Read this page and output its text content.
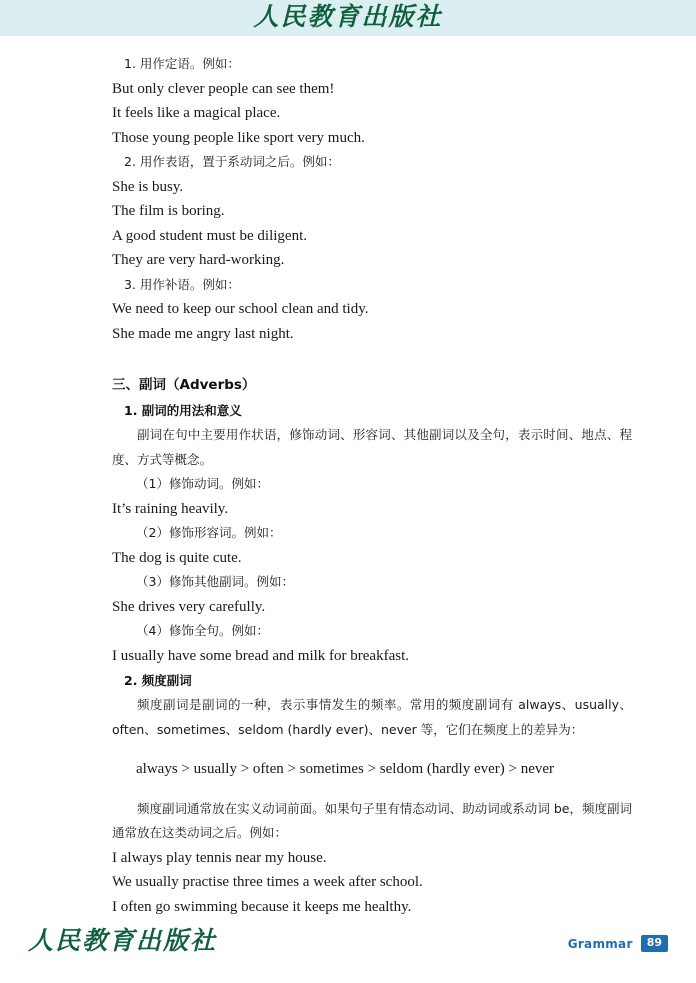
人民教育出版社

1. 用作定语。例如：

But only clever people can see them!

It feels like a magical place.

Those young people like sport very much.

2. 用作表语，置于系动词之后。例如：

She is busy.

The film is boring.

A good student must be diligent.

They are very hard-working.

3. 用作补语。例如：

We need to keep our school clean and tidy.

She made me angry last night.

三、副词（Adverbs）

1. 副词的用法和意义

副词在句中主要用作状语，修饰动词、形容词、其他副词以及全句，表示时间、地点、程度、方式等概念。

（1）修饰动词。例如：

It’s raining heavily.

（2）修饰形容词。例如：

The dog is quite cute.

（3）修饰其他副词。例如：

She drives very carefully.

（4）修饰全句。例如：

I usually have some bread and milk for breakfast.

2. 频度副词

频度副词是副词的一种，表示事情发生的频率。常用的频度副词有 always、usually、often、sometimes、seldom (hardly ever)、never 等，它们在频度上的差异为：

always > usually > often > sometimes > seldom (hardly ever) > never

频度副词通常放在实义动词前面。如果句子里有情态动词、助动词或系动词 be，频度副词通常放在这类动词之后。例如：

I always play tennis near my house.

We usually practise three times a week after school.

I often go swimming because it keeps me healthy.

人民教育出版社	Grammar	89
